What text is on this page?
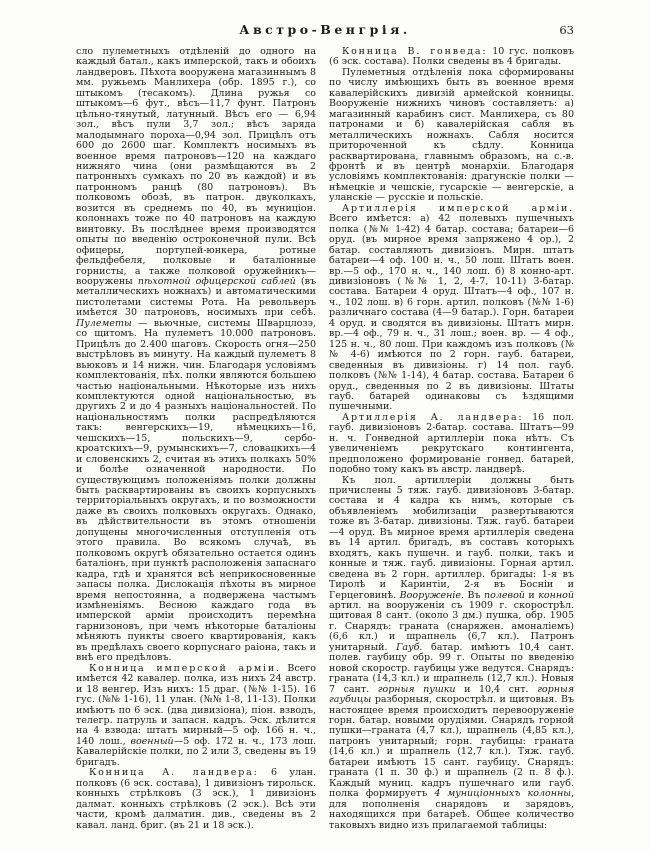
Австро-Венгрія.	63

сло пулеметныхъ отдѣленій до одного на каждый батал., какъ имперской, такъ и обоихъ ландверовъ. Пѣхота вооружена магазиннымъ 8 мм. ружьемъ Манлихера (обр. 1895 г.), со штыкомъ (тесакомъ). Длина ружья со штыкомъ—6 фут., вѣсъ—11,7 фунт. Патронъ цѣльно-тянутый, латунный. Вѣсъ его — 6,94 зол., вѣсъ пули 3,7 зол.; вѣсъ заряда малодымнаго пороха—0,94 зол. Прицѣлъ отъ 600 до 2600 шаг. Комплектъ носимыхъ въ военное время патроновъ—120 на каждаго нижняго чина (они размѣщаются въ 2 патронныхъ сумкахъ по 20 въ каждой) и въ патронномъ ранцѣ (80 патроновъ). Въ полковомъ обозѣ, въ патрон. двуколкахъ, возится въ среднемъ по 40, въ муниціон. колоннахъ тоже по 40 патроновъ на каждую винтовку. Въ послѣднее время производятся опыты по введенію остроконечной пули. Всѣ офицеры, портупей-юнкера, ротные фельдфебеля, полковые и баталіонные горнисты, а также полковой оружейникъ—вооружены пѣхотной офицерской саблей (въ металлическихъ ножнахъ) и автоматическими пистолетами системы Рота. На револьверъ имѣется 30 патроновъ, носимыхъ при себѣ. Пулеметы — вьючные, системы Шварцлозэ, со щитомъ. На пулеметъ 10.000 патроновъ. Прицѣлъ до 2.400 шаговъ. Скорость огня—250 выстрѣловъ въ минуту. На каждый пулеметъ 8 вьюковъ и 14 нижн. чин. Благодаря условіямъ комплектованія, пѣх. полки являются большею частью національными. Нѣкоторые изъ нихъ комплектуются одной національностью, въ другихъ 2 и до 4 разныхъ національностей. По національностямъ полки распредѣляются такъ: венгерскихъ—19, нѣмецкихъ—16, чешскихъ—15, польскихъ—9, сербо-кроатскихъ—9, румынскихъ—7, словацкихъ—4 и словенскихъ 2, считая въ этихъ полкахъ 50% и болѣе означенной народности. По существующимъ положеніямъ полки должны быть расквартированы въ своихъ корпусныхъ территоріальныхъ округахъ, и по возможности даже въ своихъ полковыхъ округахъ. Однако, въ дѣйствительности въ этомъ отношеніи допущены многочисленныя отступленія отъ этого правила. Во всякомъ случаѣ, въ полковомъ округѣ обязательно остается одинъ баталіонъ, при пунктѣ расположенія запаснаго кадра, гдѣ и хранятся всѣ неприкосновенные запасы полка. Дислокація пѣхоты въ мирное время непостоянна, а подвержена частымъ измѣненіямъ. Весною каждаго года въ имперской арміи происходитъ перемѣна гарнизоновъ, при чемъ нѣкоторые баталіоны мѣняютъ пункты своего квартированія, какъ въ предѣлахъ своего корпуснаго раіона, такъ и внѣ его предѣловъ.

Конница имперской арміи. Всего имѣется 42 кавалер. полка, изъ нихъ 24 австр. и 18 венгер. Изъ нихъ: 15 драг. (№№ 1-15). 16 гус. (№№ 1-16), 11 улан. (№№ 1-8, 11-13). Полки имѣютъ по 6 эск. (два дивизіона), піон. взводъ, телегр. патруль и запасн. кадръ. Эск. дѣлится на 4 взвода: штатъ мирный—5 оф. 166 н. ч., 140 лош., военный—5 оф. 172 н. ч., 173 лош. Кавалерійскіе полки, по 2 или 3, сведены въ 19 бригадъ.

Конница А. ландвера: 6 улан. полковъ (6 эск. состава), 1 дивизіонъ тирольск. конныхъ стрѣлковъ (3 эск.), 1 дивизіонъ далмат. конныхъ стрѣлковъ (2 эск.). Всѣ эти части, кромѣ далматин. див., сведены въ 2 кавал. ланд. бриг. (въ 21 и 18 эск.).

Конница В. гонведа: 10 гус. полковъ (6 эск. состава). Полки сведены въ 4 бригады.

Пулеметныя отдѣленія пока сформированы по числу имѣющихъ быть въ военное время кавалерійскихъ дивизій армейской конницы. Вооруженіе нижнихъ чиновъ составляетъ: а) магазинный карабинъ сист. Манлихера, съ 80 патронами и б) кавалерійская сабля въ металлическихъ ножнахъ. Сабля носится притороченной къ сѣдлу. Конница расквартирована, главнымъ образомъ, на с.-в. фронтѣ и въ центрѣ монархіи. Благодаря условіямъ комплектованія: драгунскіе полки — нѣмецкіе и чешскіе, гусарскіе — венгерскіе, а уланскіе — русскіе и польскіе.

Артиллерія имперской арміи. Всего имѣется: а) 42 полевыхъ пушечныхъ полка (№№ 1-42) 4 батар. состава; батареи—6 оруд. (въ мирное время запряжено 4 ор.), 2 батар. составляютъ дивизіонъ. Мирн. штатъ батареи—4 оф. 100 н. ч., 50 лош. Штатъ воен. вр.—5 оф., 170 н. ч., 140 лош. б) 8 конно-арт. дивизіоновъ (№№ 1, 2, 4-7, 10-11) 3-батар. состава. Батареи 4 оруд. Штатъ—4 оф., 107 н. ч., 102 лош. в) 6 горн. артил. полковъ (№№ 1-6) различнаго состава (4—9 батар.). Горн. батареи 4 оруд. и сводятся въ дивизіоны. Штатъ мирн. вр.—4 оф., 79 н. ч., 31 лош.; воен. вр. — 4 оф., 125 н. ч., 80 лош. При каждомъ изъ полковъ (№№ 4-6) имѣются по 2 горн. гауб. батареи, сведенныя въ дивизіоны. г) 14 пол. гауб. полковъ (№№ 1-14), 4 батар. состава. Батареи 6 оруд., сведенныя по 2 въ дивизіоны. Штаты гауб. батарей одинаковы съ ѣздящими пушечными.

Артиллерія А. ландвера: 16 пол. гауб. дивизіоновъ 2-батар. состава. Штатъ—99 н. ч. Гонведной артиллеріи пока нѣтъ. Съ увеличеніемъ рекрутскаго контингента, предположено формированіе гонвед. батарей, подобно тому какъ въ австр. ландверѣ.

Къ пол. артиллеріи должны быть причислены 5 тяж. гауб. дивизіоновъ 3-батар. состава и 4 кадра къ нимъ, которые съ объявленіемъ мобилизаціи развертываются тоже въ 3-батар. дивизіоны. Тяж. гауб. батареи—4 оруд. Въ мирное время артиллерія сведена въ 14 артил. бригадъ, въ составъ которыхъ входятъ, какъ пушечн. и гауб. полки, такъ и конные и тяж. гауб. дивизіоны. Горная артил. сведена въ 2 горн. артиллер. бригады: 1-я въ Тиролѣ и Каринтіи, 2-я въ Босніи и Герцеговинѣ. Вооруженіе. Въ полевой и конной артил. на вооруженіи съ 1909 г. скорострѣл. щитовая 8 сант. (около 3 дм.) пушка, обр. 1905 г. Снарядъ: граната (снаряжен. амоналіемъ) (6,6 кл.) и шрапнель (6,7 кл.). Патронъ унитарный. Гауб. батар. имѣютъ 10,4 сант. полев. гаубицу обр. 99 г. Опыты по введенію новой скоростр. гаубицы уже ведутся. Снарядъ: граната (14,3 кл.) и шрапнель (12,7 кл.). Новыя 7 сант. горныя пушки и 10,4 снт. горныя гаубицы разборныя, скорострѣл. и щитовыя. Въ настоящее время происходитъ перевооруженіе горн. батар. новыми орудіями. Снарядъ горной пушки—граната (4,7 кл.), шрапнель (4,85 кл.), патронъ унитарный; горн. гаубицы: граната (14,6 кл.) и шрапнель (12,7 кл.). Тяж. гауб. батареи имѣютъ 15 сант. гаубицу. Снарядъ: граната (1 п. 30 ф.) и шрапнель (2 п. 8 ф.). Каждый муниц. кадръ пушечнаго или гауб. полка формируетъ 4 муниціонныхъ колонны, для пополненія снарядовъ и зарядовъ, находящихся при батареѣ. Общее количество таковыхъ видно изъ прилагаемой таблицы:
